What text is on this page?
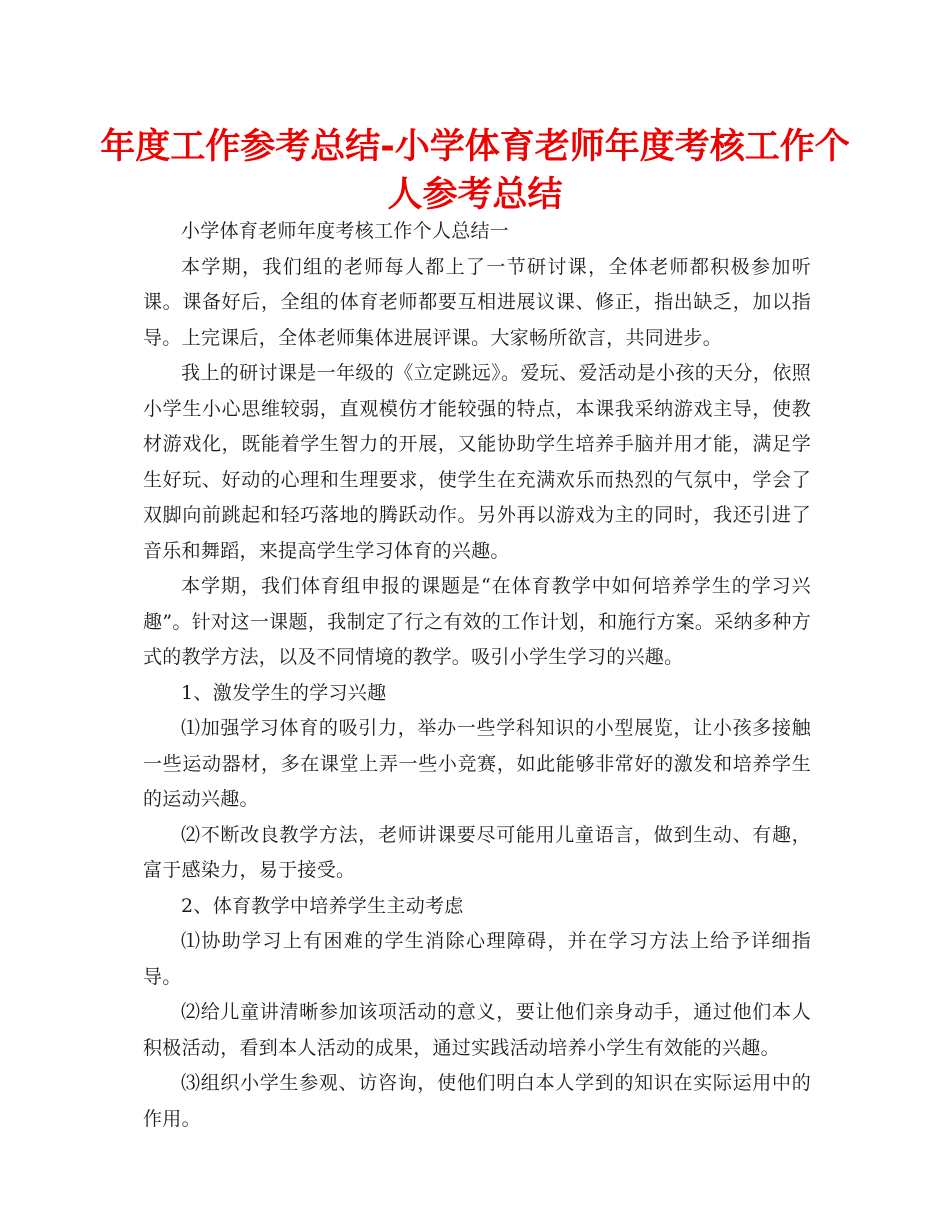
年度工作参考总结-小学体育老师年度考核工作个人参考总结

小学体育老师年度考核工作个人总结一

本学期，我们组的老师每人都上了一节研讨课，全体老师都积极参加听课。课备好后，全组的体育老师都要互相进展议课、修正，指出缺乏，加以指导。上完课后，全体老师集体进展评课。大家畅所欲言，共同进步。

我上的研讨课是一年级的《立定跳远》。爱玩、爱活动是小孩的天分，依照小学生小心思维较弱，直观模仿才能较强的特点，本课我采纳游戏主导，使教材游戏化，既能着学生智力的开展，又能协助学生培养手脑并用才能，满足学生好玩、好动的心理和生理要求，使学生在充满欢乐而热烈的气氛中，学会了双脚向前跳起和轻巧落地的腾跃动作。另外再以游戏为主的同时，我还引进了音乐和舞蹈，来提高学生学习体育的兴趣。

本学期，我们体育组申报的课题是“在体育教学中如何培养学生的学习兴趣”。针对这一课题，我制定了行之有效的工作计划，和施行方案。采纳多种方式的教学方法，以及不同情境的教学。吸引小学生学习的兴趣。

1、激发学生的学习兴趣

⑴加强学习体育的吸引力，举办一些学科知识的小型展览，让小孩多接触一些运动器材，多在课堂上弄一些小竞赛，如此能够非常好的激发和培养学生的运动兴趣。

⑵不断改良教学方法，老师讲课要尽可能用儿童语言，做到生动、有趣，富于感染力，易于接受。

2、体育教学中培养学生主动考虑

⑴协助学习上有困难的学生消除心理障碍，并在学习方法上给予详细指导。

⑵给儿童讲清晰参加该项活动的意义，要让他们亲身动手，通过他们本人积极活动，看到本人活动的成果，通过实践活动培养小学生有效能的兴趣。

⑶组织小学生参观、访咨询，使他们明白本人学到的知识在实际运用中的作用。
